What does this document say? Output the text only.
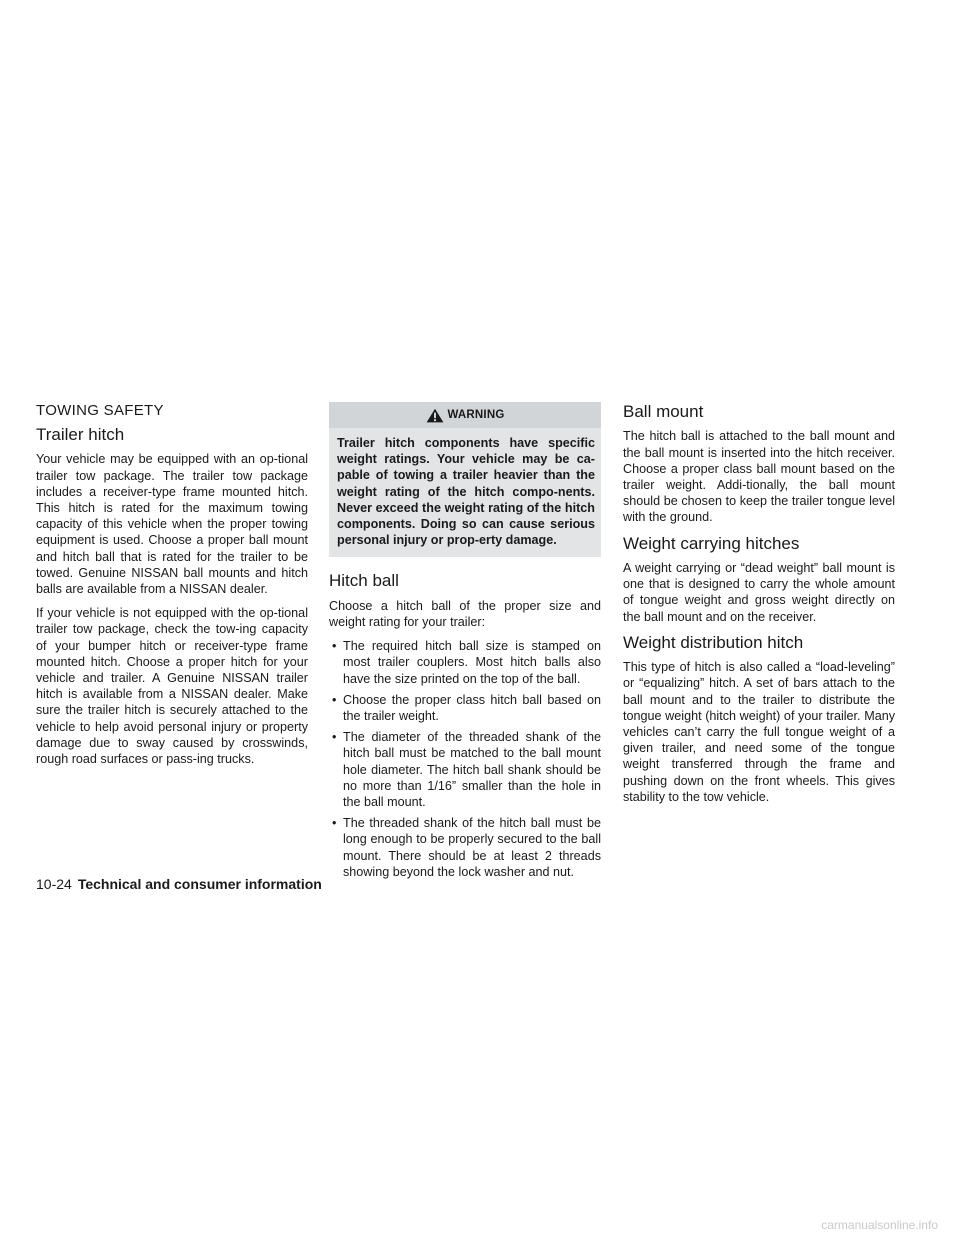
TOWING SAFETY
Trailer hitch

Your vehicle may be equipped with an op-tional trailer tow package. The trailer tow package includes a receiver-type frame mounted hitch. This hitch is rated for the maximum towing capacity of this vehicle when the proper towing equipment is used. Choose a proper ball mount and hitch ball that is rated for the trailer to be towed. Genuine NISSAN ball mounts and hitch balls are available from a NISSAN dealer.

If your vehicle is not equipped with the op-tional trailer tow package, check the tow-ing capacity of your bumper hitch or receiver-type frame mounted hitch. Choose a proper hitch for your vehicle and trailer. A Genuine NISSAN trailer hitch is available from a NISSAN dealer. Make sure the trailer hitch is securely attached to the vehicle to help avoid personal injury or property damage due to sway caused by crosswinds, rough road surfaces or pass-ing trucks.

WARNING
Trailer hitch components have specific weight ratings. Your vehicle may be ca-pable of towing a trailer heavier than the weight rating of the hitch compo-nents. Never exceed the weight rating of the hitch components. Doing so can cause serious personal injury or prop-erty damage.
Hitch ball

Choose a hitch ball of the proper size and weight rating for your trailer:

• The required hitch ball size is stamped on most trailer couplers. Most hitch balls also have the size printed on the top of the ball.
• Choose the proper class hitch ball based on the trailer weight.
• The diameter of the threaded shank of the hitch ball must be matched to the ball mount hole diameter. The hitch ball shank should be no more than 1/16” smaller than the hole in the ball mount.
• The threaded shank of the hitch ball must be long enough to be properly secured to the ball mount. There should be at least 2 threads showing beyond the lock washer and nut.
Ball mount

The hitch ball is attached to the ball mount and the ball mount is inserted into the hitch receiver. Choose a proper class ball mount based on the trailer weight. Addi-tionally, the ball mount should be chosen to keep the trailer tongue level with the ground.

Weight carrying hitches

A weight carrying or “dead weight” ball mount is one that is designed to carry the whole amount of tongue weight and gross weight directly on the ball mount and on the receiver.

Weight distribution hitch

This type of hitch is also called a “load-leveling” or “equalizing” hitch. A set of bars attach to the ball mount and to the trailer to distribute the tongue weight (hitch weight) of your trailer. Many vehicles can’t carry the full tongue weight of a given trailer, and need some of the tongue weight transferred through the frame and pushing down on the front wheels. This gives stability to the tow vehicle.

10-24 Technical and consumer information
carmanualsonline.info
